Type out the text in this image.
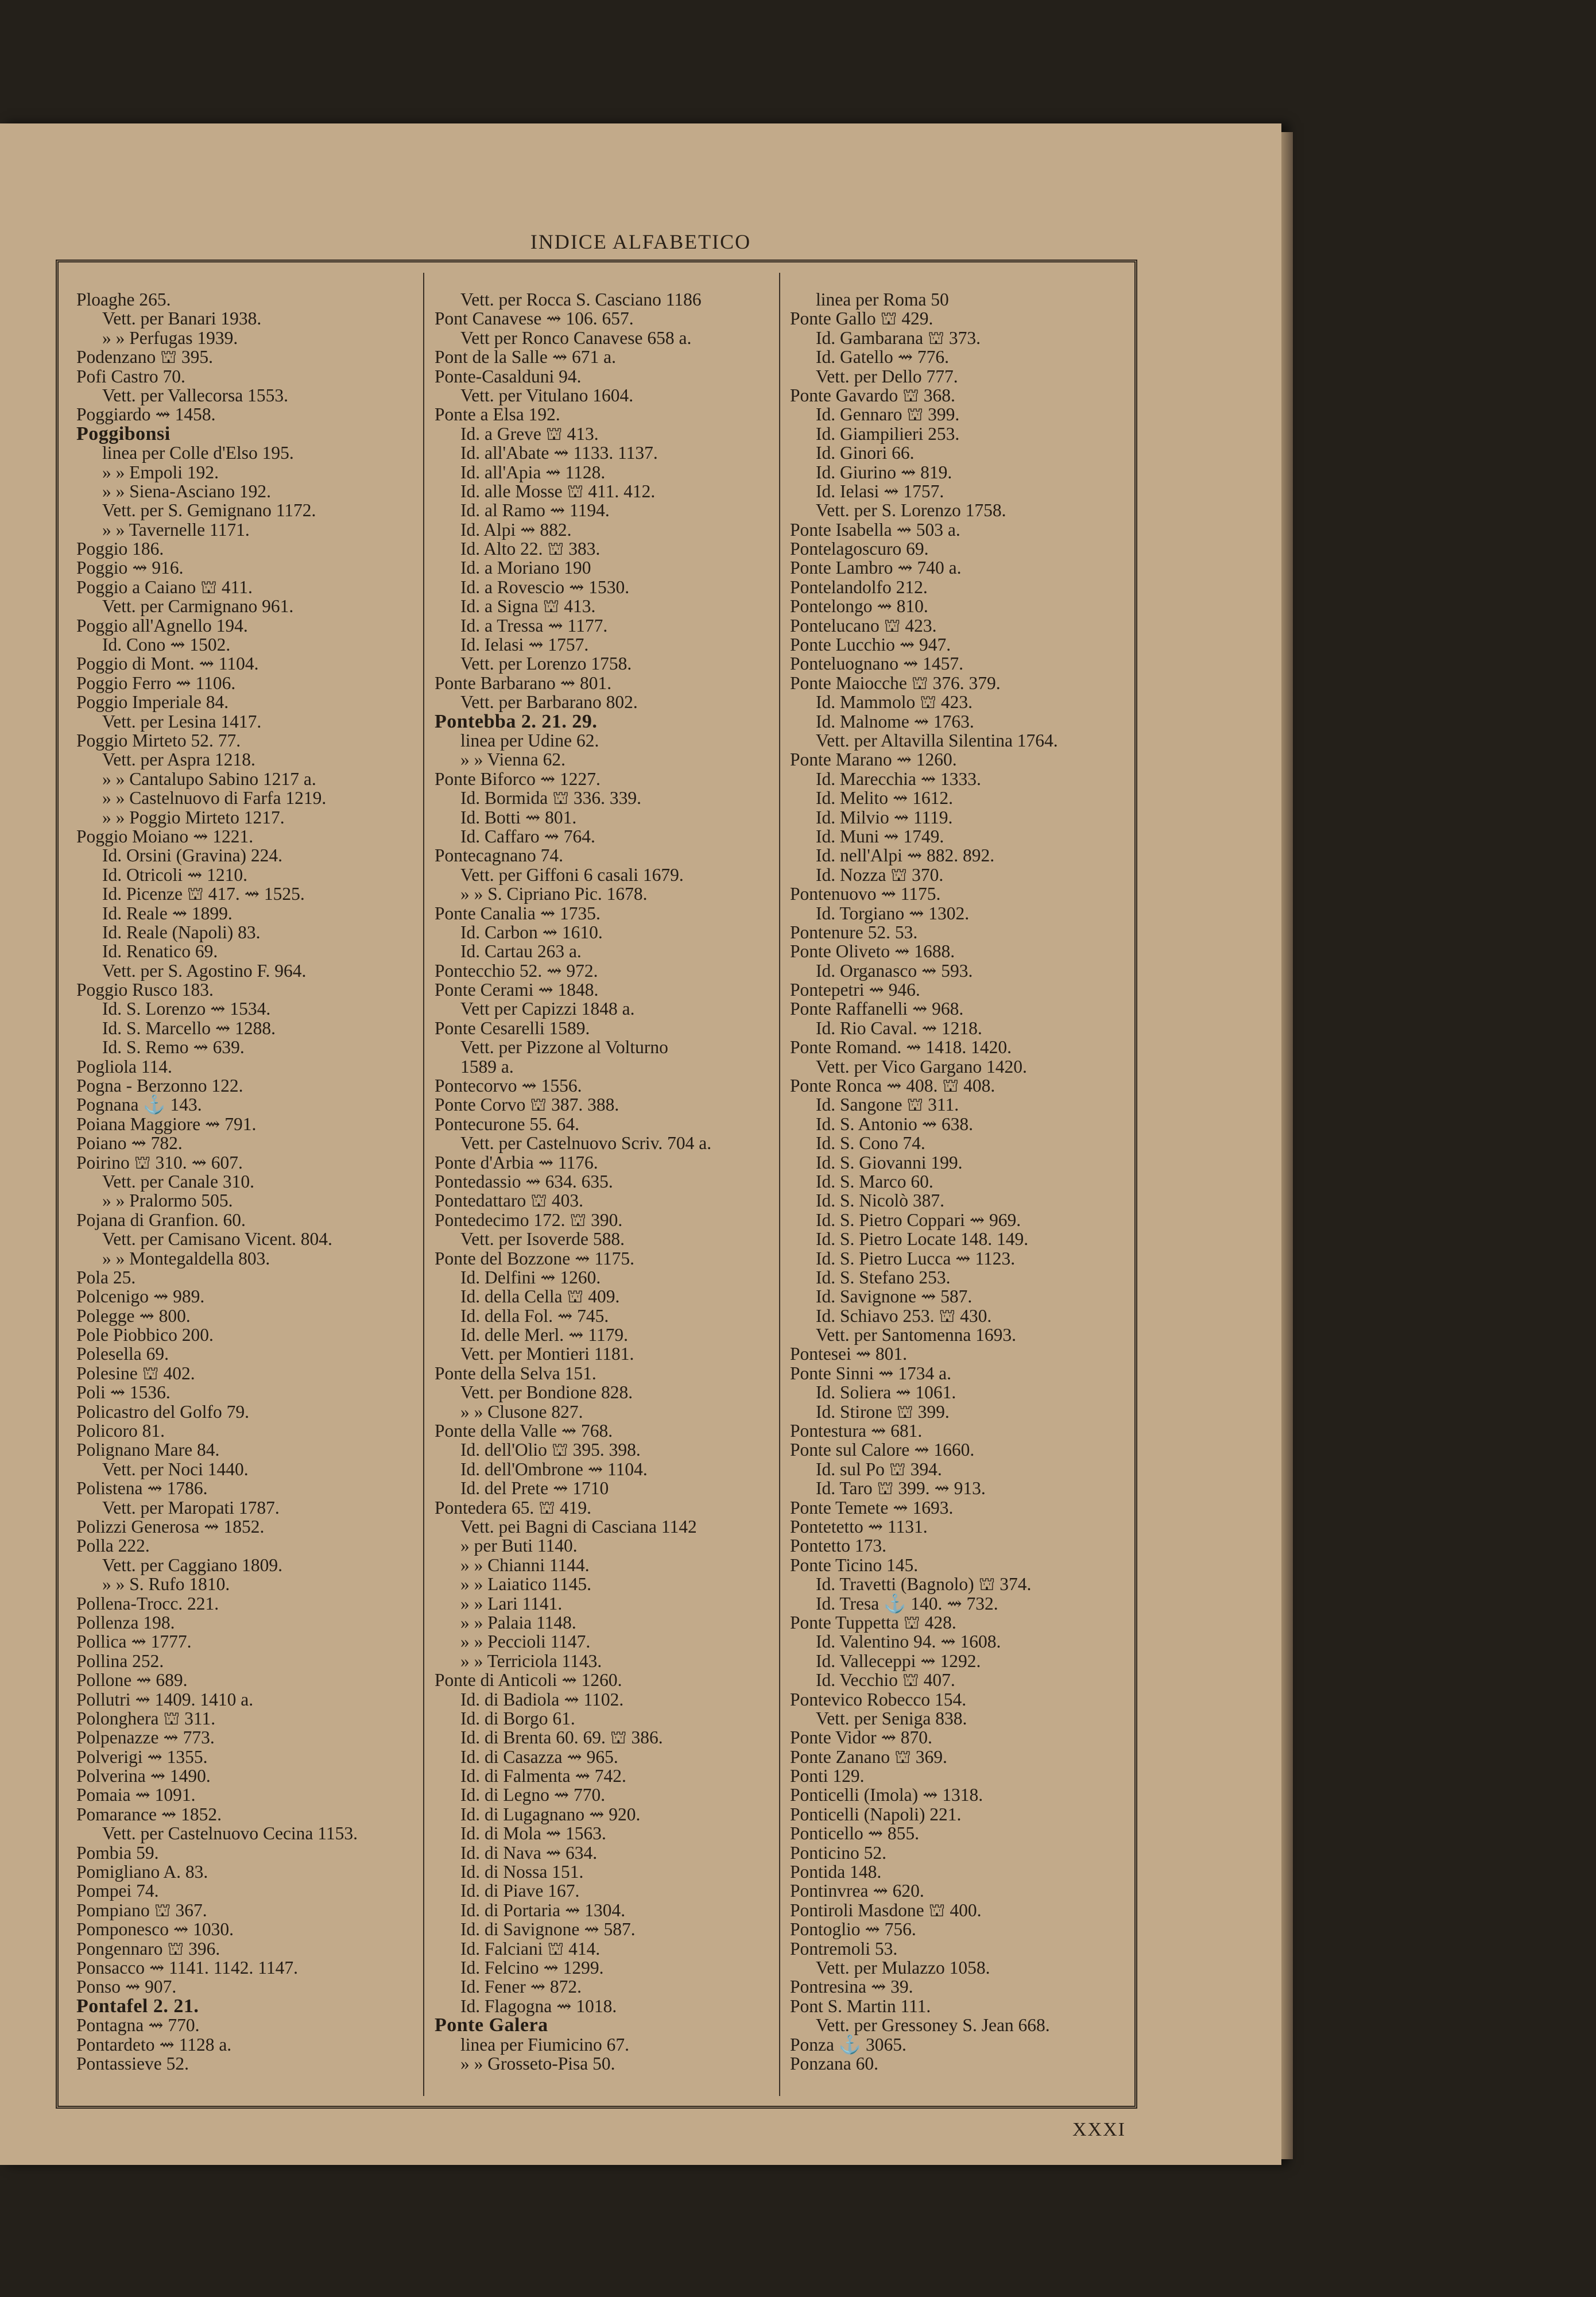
INDICE ALFABETICO
Ploaghe 265.
Vett. per Banari 1938.
» » Perfugas 1939.
Podenzano ⛫ 395.
Pofi Castro 70.
Vett. per Vallecorsa 1553.
Poggiardo ⇝ 1458.
Poggibonsi
linea per Colle d'Elso 195.
» » Empoli 192.
» » Siena-Asciano 192.
Vett. per S. Gemignano 1172.
» » Tavernelle 1171.
Poggio 186.
Poggio ⇝ 916.
Poggio a Caiano ⛫ 411.
Vett. per Carmignano 961.
Poggio all'Agnello 194.
Id. Cono ⇝ 1502.
Poggio di Mont. ⇝ 1104.
Poggio Ferro ⇝ 1106.
Poggio Imperiale 84.
Vett. per Lesina 1417.
Poggio Mirteto 52. 77.
Vett. per Aspra 1218.
» » Cantalupo Sabino 1217 a.
» » Castelnuovo di Farfa 1219.
» » Poggio Mirteto 1217.
Poggio Moiano ⇝ 1221.
Id. Orsini (Gravina) 224.
Id. Otricoli ⇝ 1210.
Id. Picenze ⛫ 417. ⇝ 1525.
Id. Reale ⇝ 1899.
Id. Reale (Napoli) 83.
Id. Renatico 69.
Vett. per S. Agostino F. 964.
Poggio Rusco 183.
Id. S. Lorenzo ⇝ 1534.
Id. S. Marcello ⇝ 1288.
Id. S. Remo ⇝ 639.
Pogliola 114.
Pogna - Berzonno 122.
Pognana ⚓ 143.
Poiana Maggiore ⇝ 791.
Poiano ⇝ 782.
Poirino ⛫ 310. ⇝ 607.
Vett. per Canale 310.
» » Pralormo 505.
Pojana di Granfion. 60.
Vett. per Camisano Vicent. 804.
» » Montegaldella 803.
Pola 25.
Polcenigo ⇝ 989.
Polegge ⇝ 800.
Pole Piobbico 200.
Polesella 69.
Polesine ⛫ 402.
Poli ⇝ 1536.
Policastro del Golfo 79.
Policoro 81.
Polignano Mare 84.
Vett. per Noci 1440.
Polistena ⇝ 1786.
Vett. per Maropati 1787.
Polizzi Generosa ⇝ 1852.
Polla 222.
Vett. per Caggiano 1809.
» » S. Rufo 1810.
Pollena-Trocc. 221.
Pollenza 198.
Pollica ⇝ 1777.
Pollina 252.
Pollone ⇝ 689.
Pollutri ⇝ 1409. 1410 a.
Polonghera ⛫ 311.
Polpenazze ⇝ 773.
Polverigi ⇝ 1355.
Polverina ⇝ 1490.
Pomaia ⇝ 1091.
Pomarance ⇝ 1852.
Vett. per Castelnuovo Cecina 1153.
Pombia 59.
Pomigliano A. 83.
Pompei 74.
Pompiano ⛫ 367.
Pomponesco ⇝ 1030.
Pongennaro ⛫ 396.
Ponsacco ⇝ 1141. 1142. 1147.
Ponso ⇝ 907.
Pontafel 2. 21.
Pontagna ⇝ 770.
Pontardeto ⇝ 1128 a.
Pontassieve 52.
Vett. per Rocca S. Casciano 1186
Pont Canavese ⇝ 106. 657.
Vett per Ronco Canavese 658 a.
Pont de la Salle ⇝ 671 a.
Ponte-Casalduni 94.
Vett. per Vitulano 1604.
Ponte a Elsa 192.
Id. a Greve ⛫ 413.
Id. all'Abate ⇝ 1133. 1137.
Id. all'Apia ⇝ 1128.
Id. alle Mosse ⛫ 411. 412.
Id. al Ramo ⇝ 1194.
Id. Alpi ⇝ 882.
Id. Alto 22. ⛫ 383.
Id. a Moriano 190
Id. a Rovescio ⇝ 1530.
Id. a Signa ⛫ 413.
Id. a Tressa ⇝ 1177.
Id. Ielasi ⇝ 1757.
Vett. per Lorenzo 1758.
Ponte Barbarano ⇝ 801.
Vett. per Barbarano 802.
Pontebba 2. 21. 29.
linea per Udine 62.
» » Vienna 62.
Ponte Biforco ⇝ 1227.
Id. Bormida ⛫ 336. 339.
Id. Botti ⇝ 801.
Id. Caffaro ⇝ 764.
Pontecagnano 74.
Vett. per Giffoni 6 casali 1679.
» » S. Cipriano Pic. 1678.
Ponte Canalia ⇝ 1735.
Id. Carbon ⇝ 1610.
Id. Cartau 263 a.
Pontecchio 52. ⇝ 972.
Ponte Cerami ⇝ 1848.
Vett per Capizzi 1848 a.
Ponte Cesarelli 1589.
Vett. per Pizzone al Volturno
1589 a.
Pontecorvo ⇝ 1556.
Ponte Corvo ⛫ 387. 388.
Pontecurone 55. 64.
Vett. per Castelnuovo Scriv. 704 a.
Ponte d'Arbia ⇝ 1176.
Pontedassio ⇝ 634. 635.
Pontedattaro ⛫ 403.
Pontedecimo 172. ⛫ 390.
Vett. per Isoverde 588.
Ponte del Bozzone ⇝ 1175.
Id. Delfini ⇝ 1260.
Id. della Cella ⛫ 409.
Id. della Fol. ⇝ 745.
Id. delle Merl. ⇝ 1179.
Vett. per Montieri 1181.
Ponte della Selva 151.
Vett. per Bondione 828.
» » Clusone 827.
Ponte della Valle ⇝ 768.
Id. dell'Olio ⛫ 395. 398.
Id. dell'Ombrone ⇝ 1104.
Id. del Prete ⇝ 1710
Pontedera 65. ⛫ 419.
Vett. pei Bagni di Casciana 1142
» per Buti 1140.
» » Chianni 1144.
» » Laiatico 1145.
» » Lari 1141.
» » Palaia 1148.
» » Peccioli 1147.
» » Terriciola 1143.
Ponte di Anticoli ⇝ 1260.
Id. di Badiola ⇝ 1102.
Id. di Borgo 61.
Id. di Brenta 60. 69. ⛫ 386.
Id. di Casazza ⇝ 965.
Id. di Falmenta ⇝ 742.
Id. di Legno ⇝ 770.
Id. di Lugagnano ⇝ 920.
Id. di Mola ⇝ 1563.
Id. di Nava ⇝ 634.
Id. di Nossa 151.
Id. di Piave 167.
Id. di Portaria ⇝ 1304.
Id. di Savignone ⇝ 587.
Id. Falciani ⛫ 414.
Id. Felcino ⇝ 1299.
Id. Fener ⇝ 872.
Id. Flagogna ⇝ 1018.
Ponte Galera
linea per Fiumicino 67.
» » Grosseto-Pisa 50.
linea per Roma 50
Ponte Gallo ⛫ 429.
Id. Gambarana ⛫ 373.
Id. Gatello ⇝ 776.
Vett. per Dello 777.
Ponte Gavardo ⛫ 368.
Id. Gennaro ⛫ 399.
Id. Giampilieri 253.
Id. Ginori 66.
Id. Giurino ⇝ 819.
Id. Ielasi ⇝ 1757.
Vett. per S. Lorenzo 1758.
Ponte Isabella ⇝ 503 a.
Pontelagoscuro 69.
Ponte Lambro ⇝ 740 a.
Pontelandolfo 212.
Pontelongo ⇝ 810.
Pontelucano ⛫ 423.
Ponte Lucchio ⇝ 947.
Ponteluognano ⇝ 1457.
Ponte Maiocche ⛫ 376. 379.
Id. Mammolo ⛫ 423.
Id. Malnome ⇝ 1763.
Vett. per Altavilla Silentina 1764.
Ponte Marano ⇝ 1260.
Id. Marecchia ⇝ 1333.
Id. Melito ⇝ 1612.
Id. Milvio ⇝ 1119.
Id. Muni ⇝ 1749.
Id. nell'Alpi ⇝ 882. 892.
Id. Nozza ⛫ 370.
Pontenuovo ⇝ 1175.
Id. Torgiano ⇝ 1302.
Pontenure 52. 53.
Ponte Oliveto ⇝ 1688.
Id. Organasco ⇝ 593.
Pontepetri ⇝ 946.
Ponte Raffanelli ⇝ 968.
Id. Rio Caval. ⇝ 1218.
Ponte Romand. ⇝ 1418. 1420.
Vett. per Vico Gargano 1420.
Ponte Ronca ⇝ 408. ⛫ 408.
Id. Sangone ⛫ 311.
Id. S. Antonio ⇝ 638.
Id. S. Cono 74.
Id. S. Giovanni 199.
Id. S. Marco 60.
Id. S. Nicolò 387.
Id. S. Pietro Coppari ⇝ 969.
Id. S. Pietro Locate 148. 149.
Id. S. Pietro Lucca ⇝ 1123.
Id. S. Stefano 253.
Id. Savignone ⇝ 587.
Id. Schiavo 253. ⛫ 430.
Vett. per Santomenna 1693.
Pontesei ⇝ 801.
Ponte Sinni ⇝ 1734 a.
Id. Soliera ⇝ 1061.
Id. Stirone ⛫ 399.
Pontestura ⇝ 681.
Ponte sul Calore ⇝ 1660.
Id. sul Po ⛫ 394.
Id. Taro ⛫ 399. ⇝ 913.
Ponte Temete ⇝ 1693.
Pontetetto ⇝ 1131.
Pontetto 173.
Ponte Ticino 145.
Id. Travetti (Bagnolo) ⛫ 374.
Id. Tresa ⚓ 140. ⇝ 732.
Ponte Tuppetta ⛫ 428.
Id. Valentino 94. ⇝ 1608.
Id. Valleceppi ⇝ 1292.
Id. Vecchio ⛫ 407.
Pontevico Robecco 154.
Vett. per Seniga 838.
Ponte Vidor ⇝ 870.
Ponte Zanano ⛫ 369.
Ponti 129.
Ponticelli (Imola) ⇝ 1318.
Ponticelli (Napoli) 221.
Ponticello ⇝ 855.
Ponticino 52.
Pontida 148.
Pontinvrea ⇝ 620.
Pontiroli Masdone ⛫ 400.
Pontoglio ⇝ 756.
Pontremoli 53.
Vett. per Mulazzo 1058.
Pontresina ⇝ 39.
Pont S. Martin 111.
Vett. per Gressoney S. Jean 668.
Ponza ⚓ 3065.
Ponzana 60.
XXXI
